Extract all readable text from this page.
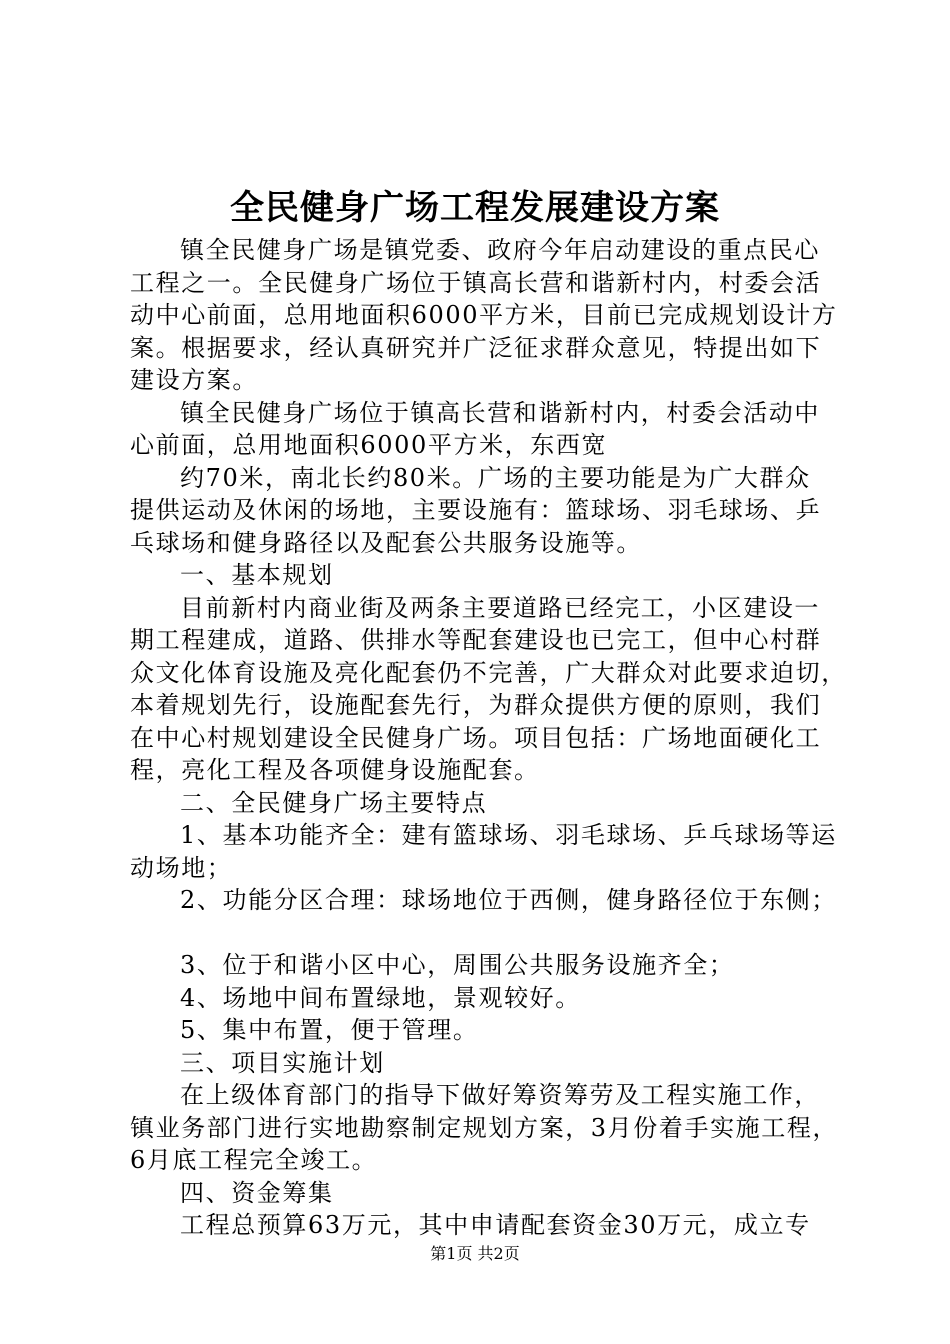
全民健身广场工程发展建设方案
镇全民健身广场是镇党委、政府今年启动建设的重点民心
工程之一。全民健身广场位于镇高长营和谐新村内，村委会活
动中心前面，总用地面积6000平方米，目前已完成规划设计方
案。根据要求，经认真研究并广泛征求群众意见，特提出如下
建设方案。
镇全民健身广场位于镇高长营和谐新村内，村委会活动中
心前面，总用地面积6000平方米，东西宽
约70米，南北长约80米。广场的主要功能是为广大群众
提供运动及休闲的场地，主要设施有：篮球场、羽毛球场、乒
乓球场和健身路径以及配套公共服务设施等。
一、基本规划
目前新村内商业街及两条主要道路已经完工，小区建设一
期工程建成，道路、供排水等配套建设也已完工，但中心村群
众文化体育设施及亮化配套仍不完善，广大群众对此要求迫切，
本着规划先行，设施配套先行，为群众提供方便的原则，我们
在中心村规划建设全民健身广场。项目包括：广场地面硬化工
程，亮化工程及各项健身设施配套。
二、全民健身广场主要特点
1、基本功能齐全：建有篮球场、羽毛球场、乒乓球场等运
动场地；
2、功能分区合理：球场地位于西侧，健身路径位于东侧；
3、位于和谐小区中心，周围公共服务设施齐全；
4、场地中间布置绿地，景观较好。
5、集中布置，便于管理。
三、项目实施计划
在上级体育部门的指导下做好筹资筹劳及工程实施工作，
镇业务部门进行实地勘察制定规划方案，3月份着手实施工程，
6月底工程完全竣工。
四、资金筹集
工程总预算63万元，其中申请配套资金30万元，成立专
第1页 共2页
